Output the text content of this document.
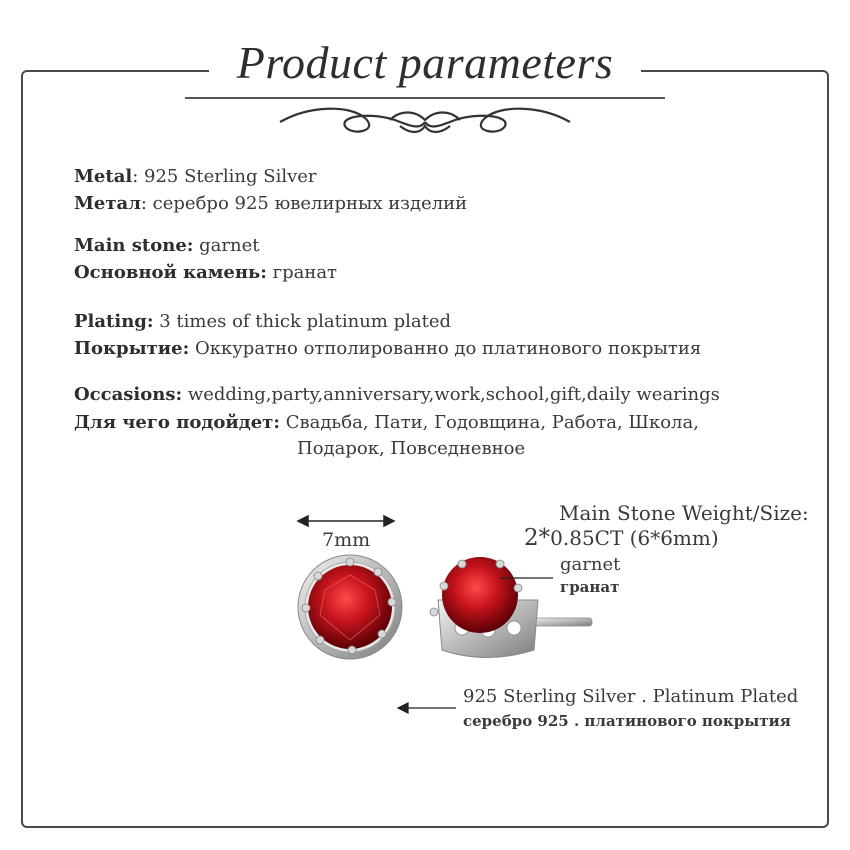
Product parameters
Metal: 925 Sterling Silver
Метал: серебро 925 ювелирных изделий
Main stone: garnet
Основной камень: гранат
Plating: 3 times of thick platinum plated
Покрытие: Оккуратно отполированно до платинового покрытия
Occasions: wedding,party,anniversary,work,school,gift,daily wearings
Для чего подойдет: Свадьба, Пати, Годовщина, Работа, Школа,
Подарок, Повседневное
7mm
Main Stone Weight/Size:
2*0.85CT (6*6mm)
garnet
гранат
925 Sterling Silver . Platinum Plated
серебро 925 . платинового покрытия
